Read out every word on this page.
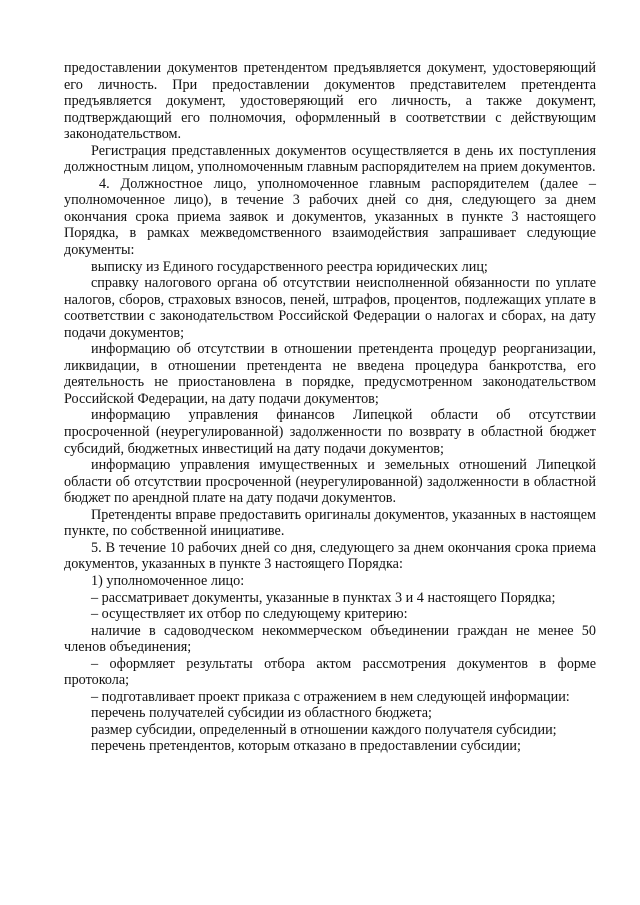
предоставлении документов претендентом предъявляется документ, удостоверяющий его личность. При предоставлении документов представителем претендента предъявляется документ, удостоверяющий его личность, а также документ, подтверждающий его полномочия, оформленный в соответствии с действующим законодательством.

Регистрация представленных документов осуществляется в день их поступления должностным лицом, уполномоченным главным распорядителем на прием документов.

4. Должностное лицо, уполномоченное главным распорядителем (далее – уполномоченное лицо), в течение 3 рабочих дней со дня, следующего за днем окончания срока приема заявок и документов, указанных в пункте 3 настоящего Порядка, в рамках межведомственного взаимодействия запрашивает следующие документы:

выписку из Единого государственного реестра юридических лиц;

справку налогового органа об отсутствии неисполненной обязанности по уплате налогов, сборов, страховых взносов, пеней, штрафов, процентов, подлежащих уплате в соответствии с законодательством Российской Федерации о налогах и сборах, на дату подачи документов;

информацию об отсутствии в отношении претендента процедур реорганизации, ликвидации, в отношении претендента не введена процедура банкротства, его деятельность не приостановлена в порядке, предусмотренном законодательством Российской Федерации, на дату подачи документов;

информацию управления финансов Липецкой области об отсутствии просроченной (неурегулированной) задолженности по возврату в областной бюджет субсидий, бюджетных инвестиций на дату подачи документов;

информацию управления имущественных и земельных отношений Липецкой области об отсутствии просроченной (неурегулированной) задолженности в областной бюджет по арендной плате на дату подачи документов.

Претенденты вправе предоставить оригиналы документов, указанных в настоящем пункте, по собственной инициативе.

5. В течение 10 рабочих дней со дня, следующего за днем окончания срока приема документов, указанных в пункте 3 настоящего Порядка:

1) уполномоченное лицо:

– рассматривает документы, указанные в пунктах 3 и 4 настоящего Порядка;

– осуществляет их отбор по следующему критерию:

наличие в садоводческом некоммерческом объединении граждан не менее 50 членов объединения;

– оформляет результаты отбора актом рассмотрения документов в форме протокола;

– подготавливает проект приказа с отражением в нем следующей информации:

перечень получателей субсидии из областного бюджета;

размер субсидии, определенный в отношении каждого получателя субсидии;

перечень претендентов, которым отказано в предоставлении субсидии;
